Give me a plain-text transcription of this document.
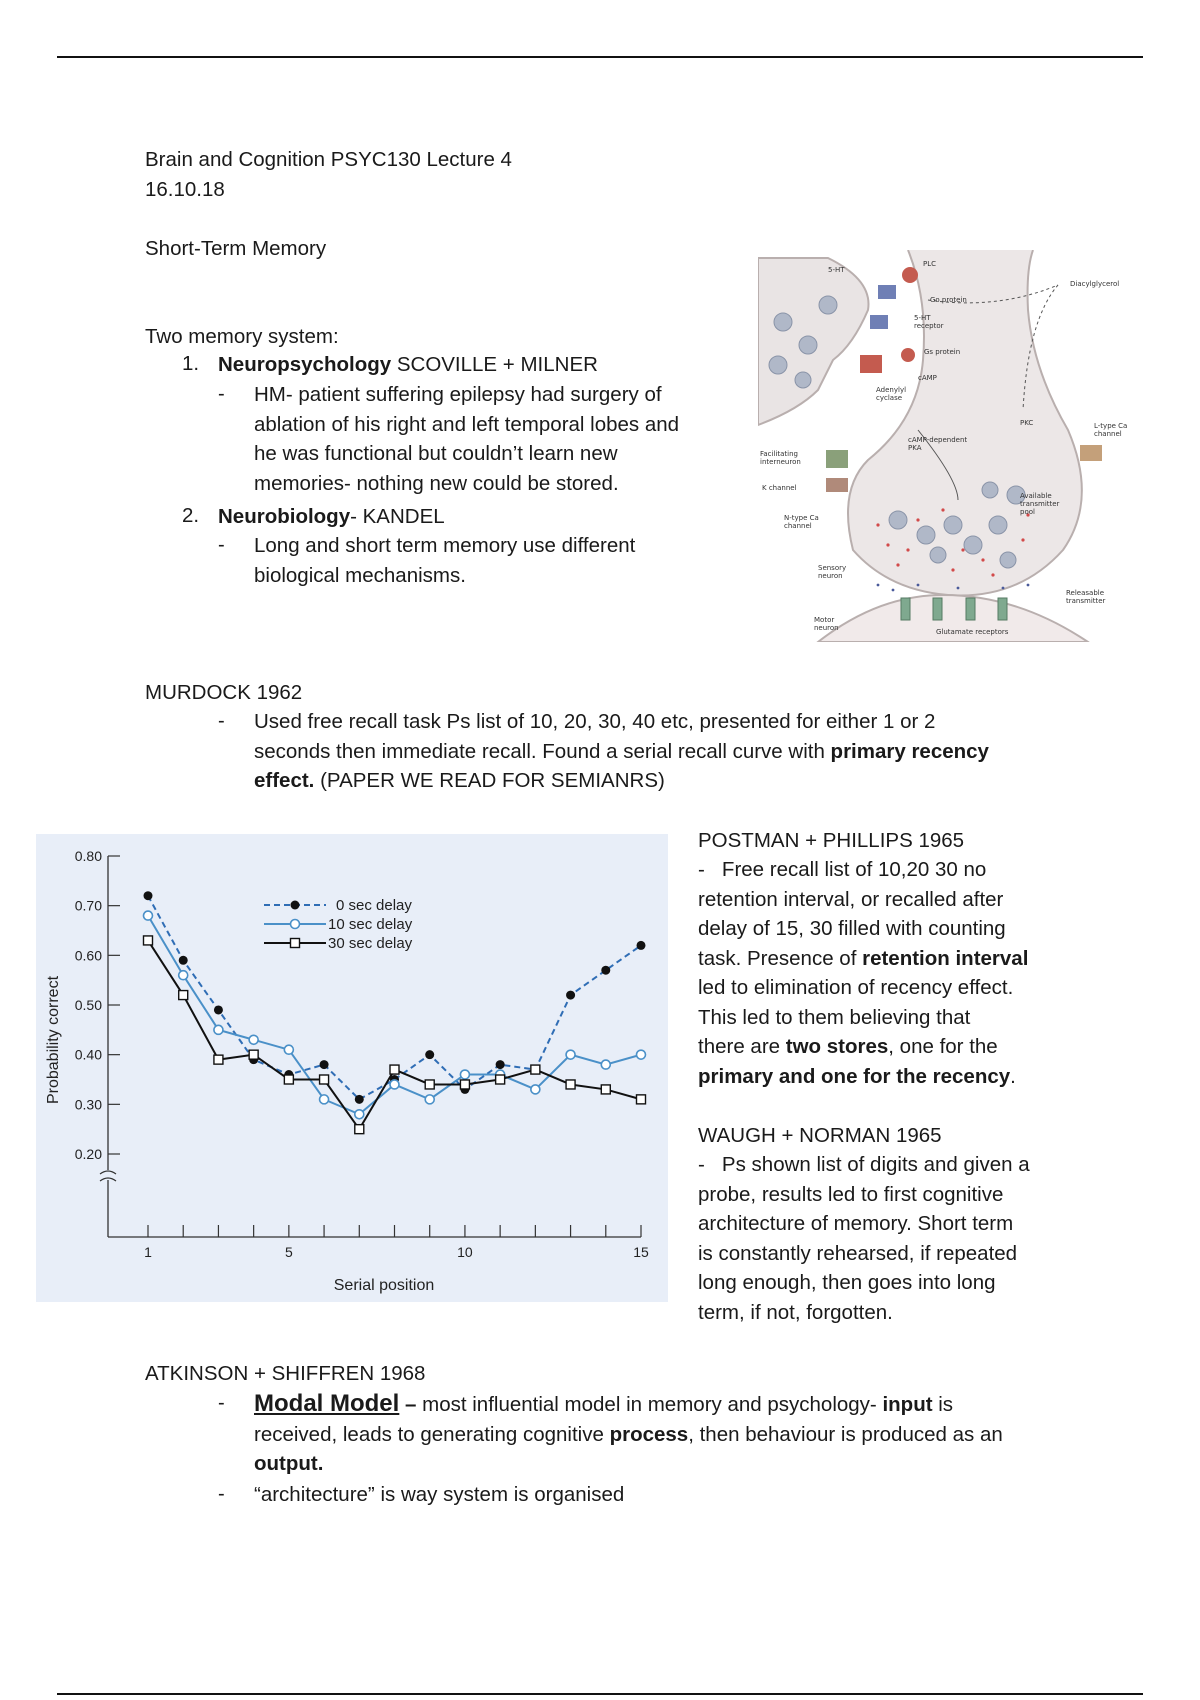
Brain and Cognition PSYC130 Lecture 4
16.10.18
Short-Term Memory
Two memory system:
1. Neuropsychology SCOVILLE + MILNER
- HM- patient suffering epilepsy had surgery of
ablation of his right and left temporal lobes and
he was functional but couldn’t learn new
memories- nothing new could be stored.
2. Neurobiology- KANDEL
- Long and short term memory use different
biological mechanisms.
PLC
Diacylglycerol
5-HT
Go protein
5-HT receptor
Gs protein
cAMP
Adenylyl cyclase
PKC	L-type Ca channel
Facilitating interneuron
cAMP-dependent PKA
K channel
N-type Ca channel
Available transmitter pool
Sensory neuron
Releasable transmitter
Motor neuron	Glutamate receptors
MURDOCK 1962
- Used free recall task Ps list of 10, 20, 30, 40 etc, presented for either 1 or 2
seconds then immediate recall. Found a serial recall curve with primary recency
effect. (PAPER WE READ FOR SEMIANRS)
0.80
0.70
0.60
0.50
0.40
0.30
0.20
1	5	10	15
0 sec delay
10 sec delay
30 sec delay
Serial position
Probability correct
POSTMAN + PHILLIPS 1965
- Free recall list of 10,20 30 no
retention interval, or recalled after
delay of 15, 30 filled with counting
task. Presence of retention interval
led to elimination of recency effect.
This led to them believing that
there are two stores, one for the
primary and one for the recency.
WAUGH + NORMAN 1965
- Ps shown list of digits and given a
probe, results led to first cognitive
architecture of memory. Short term
is constantly rehearsed, if repeated
long enough, then goes into long
term, if not, forgotten.
ATKINSON + SHIFFREN 1968
- Modal Model – most influential model in memory and psychology- input is
received, leads to generating cognitive process, then behaviour is produced as an
output.
- “architecture” is way system is organised
